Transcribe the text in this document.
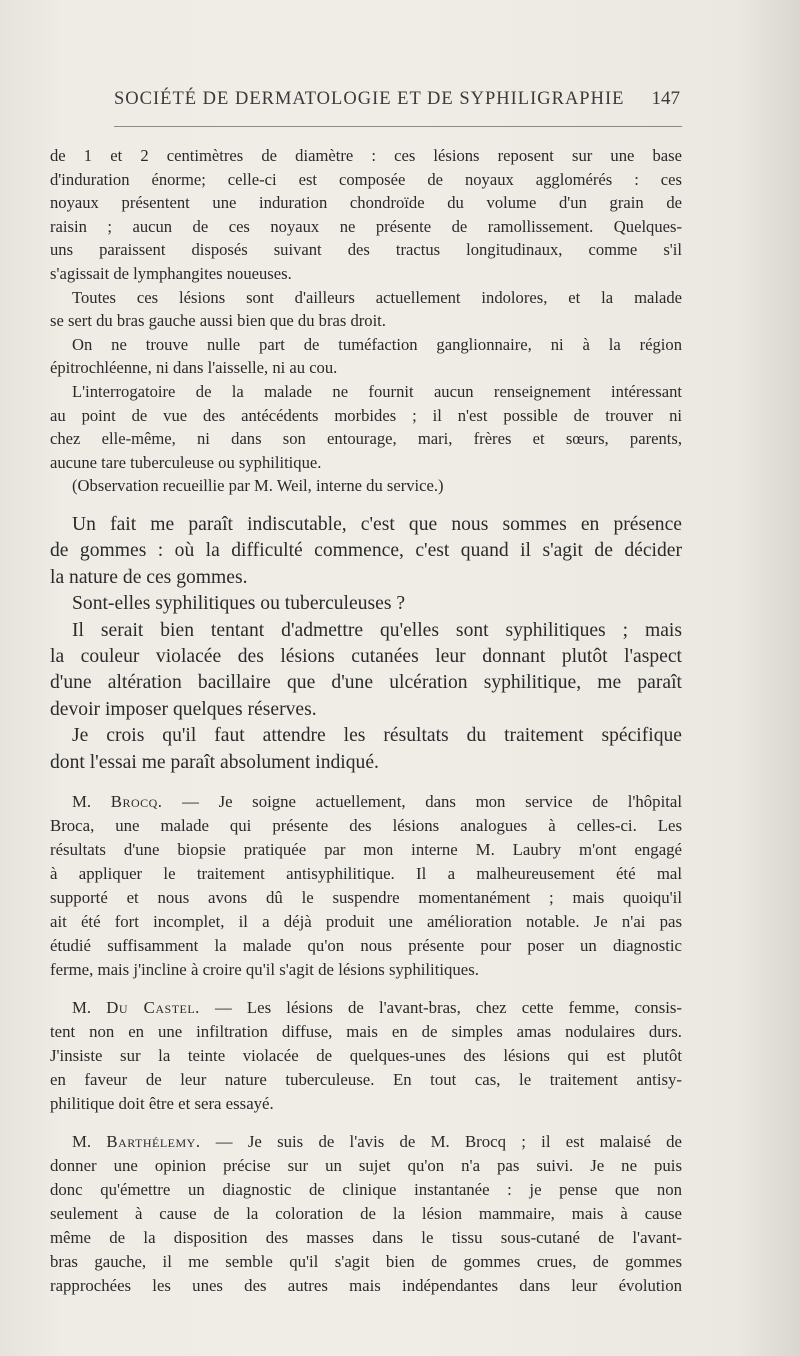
SOCIÉTÉ DE DERMATOLOGIE ET DE SYPHILIGRAPHIE 147

de 1 et 2 centimètres de diamètre : ces lésions reposent sur une base

d'induration énorme; celle-ci est composée de noyaux agglomérés : ces

noyaux présentent une induration chondroïde du volume d'un grain de

raisin ; aucun de ces noyaux ne présente de ramollissement. Quelques-

uns paraissent disposés suivant des tractus longitudinaux, comme s'il

s'agissait de lymphangites noueuses.

Toutes ces lésions sont d'ailleurs actuellement indolores, et la malade

se sert du bras gauche aussi bien que du bras droit.

On ne trouve nulle part de tuméfaction ganglionnaire, ni à la région

épitrochléenne, ni dans l'aisselle, ni au cou.

L'interrogatoire de la malade ne fournit aucun renseignement intéressant

au point de vue des antécédents morbides ; il n'est possible de trouver ni

chez elle-même, ni dans son entourage, mari, frères et sœurs, parents,

aucune tare tuberculeuse ou syphilitique.

(Observation recueillie par M. Weil, interne du service.)

Un fait me paraît indiscutable, c'est que nous sommes en présence

de gommes : où la difficulté commence, c'est quand il s'agit de décider

la nature de ces gommes.

Sont-elles syphilitiques ou tuberculeuses ?

Il serait bien tentant d'admettre qu'elles sont syphilitiques ; mais

la couleur violacée des lésions cutanées leur donnant plutôt l'aspect

d'une altération bacillaire que d'une ulcération syphilitique, me paraît

devoir imposer quelques réserves.

Je crois qu'il faut attendre les résultats du traitement spécifique

dont l'essai me paraît absolument indiqué.

M. Brocq. — Je soigne actuellement, dans mon service de l'hôpital

Broca, une malade qui présente des lésions analogues à celles-ci. Les

résultats d'une biopsie pratiquée par mon interne M. Laubry m'ont engagé

à appliquer le traitement antisyphilitique. Il a malheureusement été mal

supporté et nous avons dû le suspendre momentanément ; mais quoiqu'il

ait été fort incomplet, il a déjà produit une amélioration notable. Je n'ai pas

étudié suffisamment la malade qu'on nous présente pour poser un diagnostic

ferme, mais j'incline à croire qu'il s'agit de lésions syphilitiques.

M. Du Castel. — Les lésions de l'avant-bras, chez cette femme, consis-

tent non en une infiltration diffuse, mais en de simples amas nodulaires durs.

J'insiste sur la teinte violacée de quelques-unes des lésions qui est plutôt

en faveur de leur nature tuberculeuse. En tout cas, le traitement antisy-

philitique doit être et sera essayé.

M. Barthélemy. — Je suis de l'avis de M. Brocq ; il est malaisé de

donner une opinion précise sur un sujet qu'on n'a pas suivi. Je ne puis

donc qu'émettre un diagnostic de clinique instantanée : je pense que non

seulement à cause de la coloration de la lésion mammaire, mais à cause

même de la disposition des masses dans le tissu sous-cutané de l'avant-

bras gauche, il me semble qu'il s'agit bien de gommes crues, de gommes

rapprochées les unes des autres mais indépendantes dans leur évolution
